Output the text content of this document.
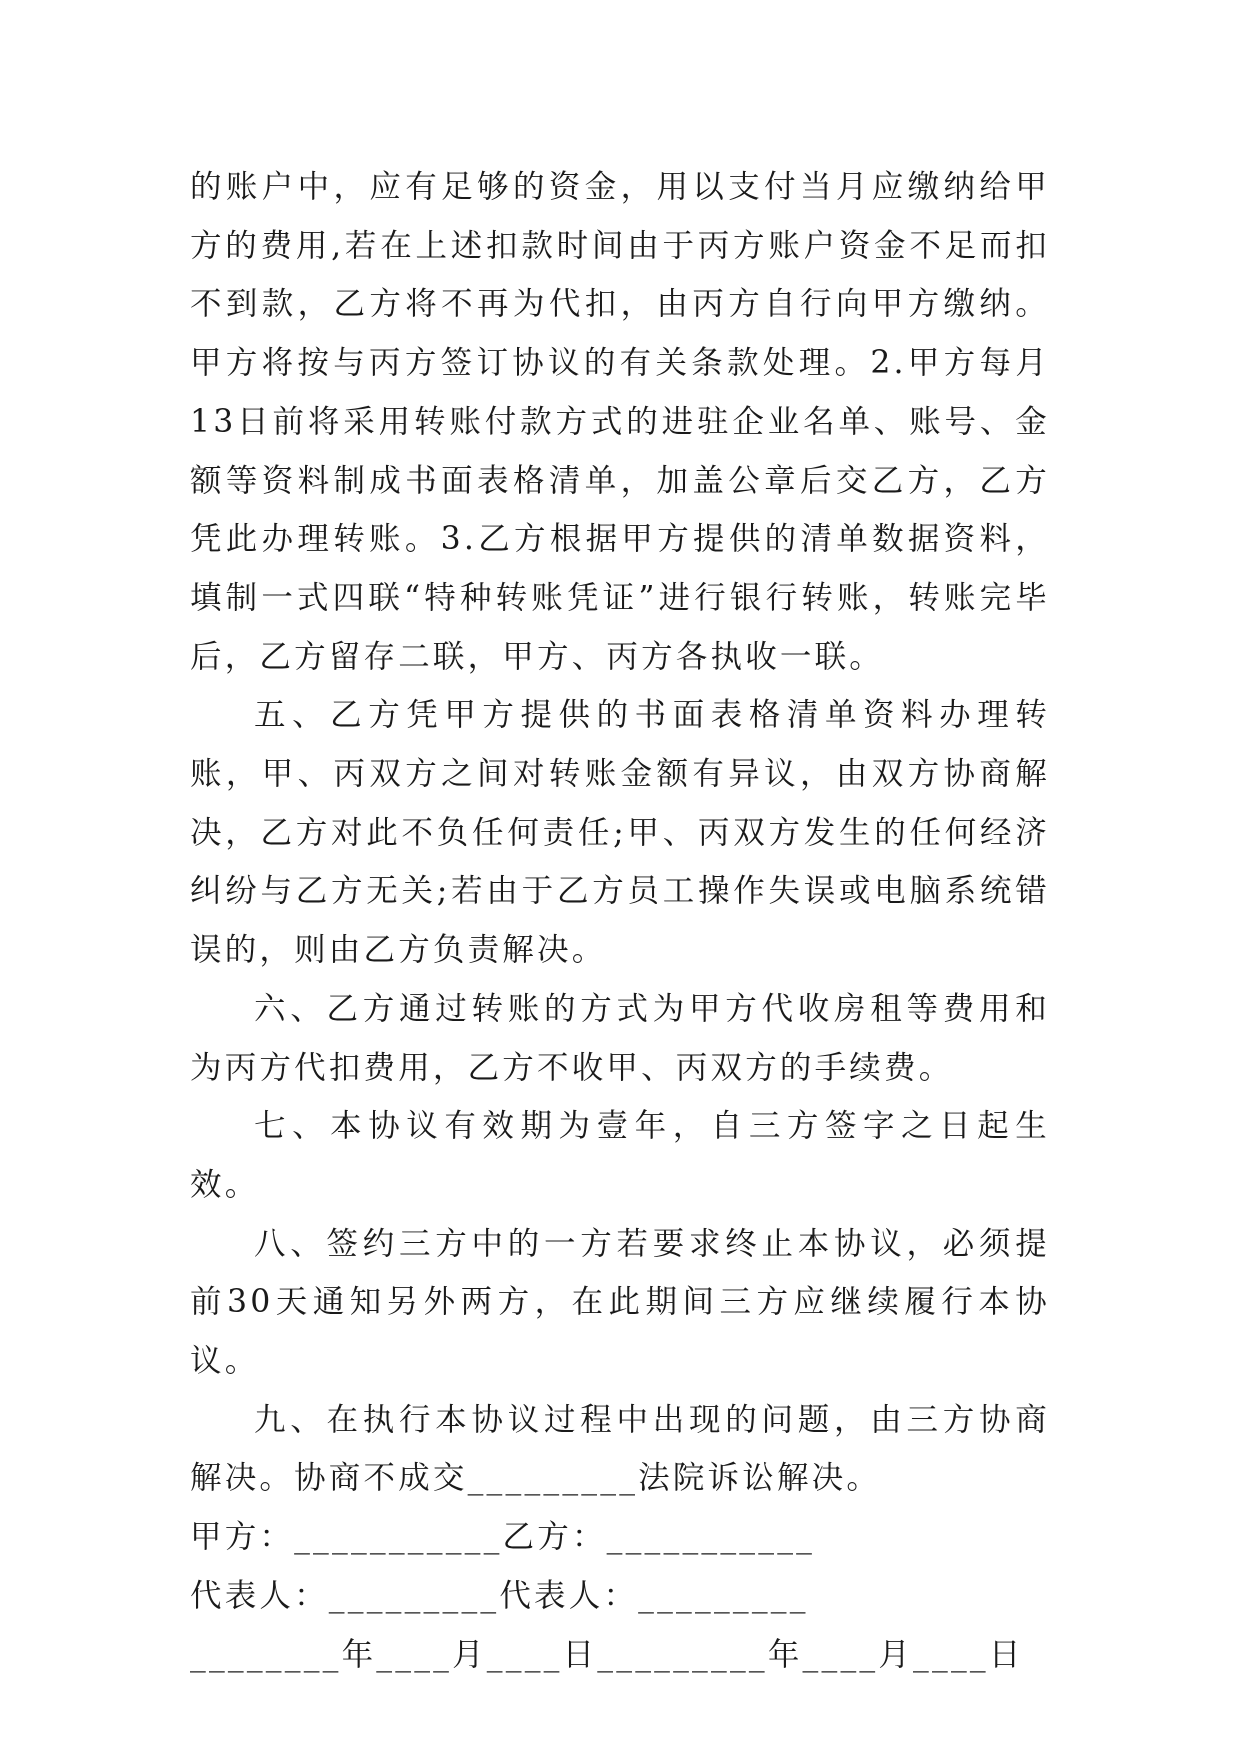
的账户中，应有足够的资金，用以支付当月应缴纳给甲方的费用,若在上述扣款时间由于丙方账户资金不足而扣不到款，乙方将不再为代扣，由丙方自行向甲方缴纳。甲方将按与丙方签订协议的有关条款处理。2.甲方每月13日前将采用转账付款方式的进驻企业名单、账号、金额等资料制成书面表格清单，加盖公章后交乙方，乙方凭此办理转账。3.乙方根据甲方提供的清单数据资料，填制一式四联“特种转账凭证”进行银行转账，转账完毕后，乙方留存二联，甲方、丙方各执收一联。

五、乙方凭甲方提供的书面表格清单资料办理转账，甲、丙双方之间对转账金额有异议，由双方协商解决，乙方对此不负任何责任;甲、丙双方发生的任何经济纠纷与乙方无关;若由于乙方员工操作失误或电脑系统错误的，则由乙方负责解决。

六、乙方通过转账的方式为甲方代收房租等费用和为丙方代扣费用，乙方不收甲、丙双方的手续费。

七、本协议有效期为壹年，自三方签字之日起生效。

八、签约三方中的一方若要求终止本协议，必须提前30天通知另外两方，在此期间三方应继续履行本协议。

九、在执行本协议过程中出现的问题，由三方协商解决。协商不成交_________法院诉讼解决。

甲方：___________乙方：___________

代表人：_________代表人：_________

________年____月____日_________年____月____日
